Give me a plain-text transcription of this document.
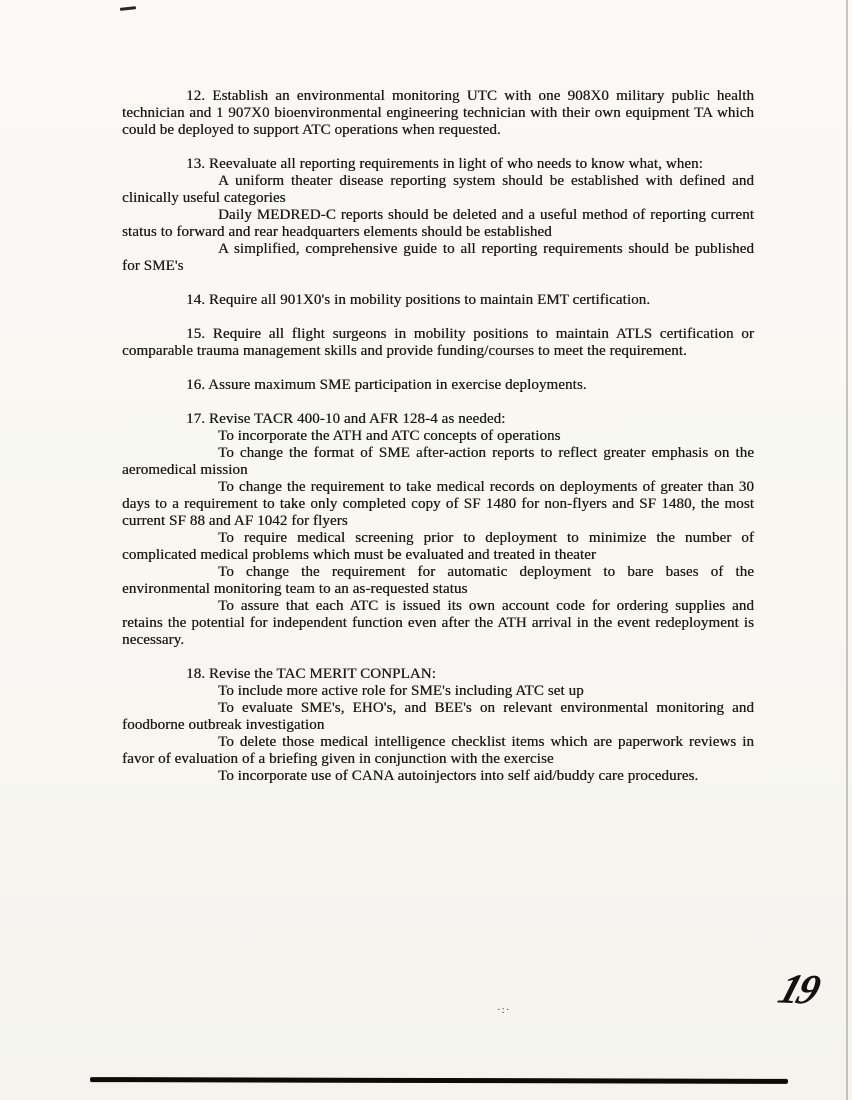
12. Establish an environmental monitoring UTC with one 908X0 military public health technician and 1 907X0 bioenvironmental engineering technician with their own equipment TA which could be deployed to support ATC operations when requested.

13. Reevaluate all reporting requirements in light of who needs to know what, when:

A uniform theater disease reporting system should be established with defined and clinically useful categories

Daily MEDRED-C reports should be deleted and a useful method of reporting current status to forward and rear headquarters elements should be established

A simplified, comprehensive guide to all reporting requirements should be published for SME's

14. Require all 901X0's in mobility positions to maintain EMT certification.

15. Require all flight surgeons in mobility positions to maintain ATLS certification or comparable trauma management skills and provide funding/courses to meet the requirement.

16. Assure maximum SME participation in exercise deployments.

17. Revise TACR 400-10 and AFR 128-4 as needed:

To incorporate the ATH and ATC concepts of operations

To change the format of SME after-action reports to reflect greater emphasis on the aeromedical mission

To change the requirement to take medical records on deployments of greater than 30 days to a requirement to take only completed copy of SF 1480 for non-flyers and SF 1480, the most current SF 88 and AF 1042 for flyers

To require medical screening prior to deployment to minimize the number of complicated medical problems which must be evaluated and treated in theater

To change the requirement for automatic deployment to bare bases of the environmental monitoring team to an as-requested status

To assure that each ATC is issued its own account code for ordering supplies and retains the potential for independent function even after the ATH arrival in the event redeployment is necessary.

18. Revise the TAC MERIT CONPLAN:

To include more active role for SME's including ATC set up

To evaluate SME's, EHO's, and BEE's on relevant environmental monitoring and foodborne outbreak investigation

To delete those medical intelligence checklist items which are paperwork reviews in favor of evaluation of a briefing given in conjunction with the exercise

To incorporate use of CANA autoinjectors into self aid/buddy care procedures.

·:·	19
